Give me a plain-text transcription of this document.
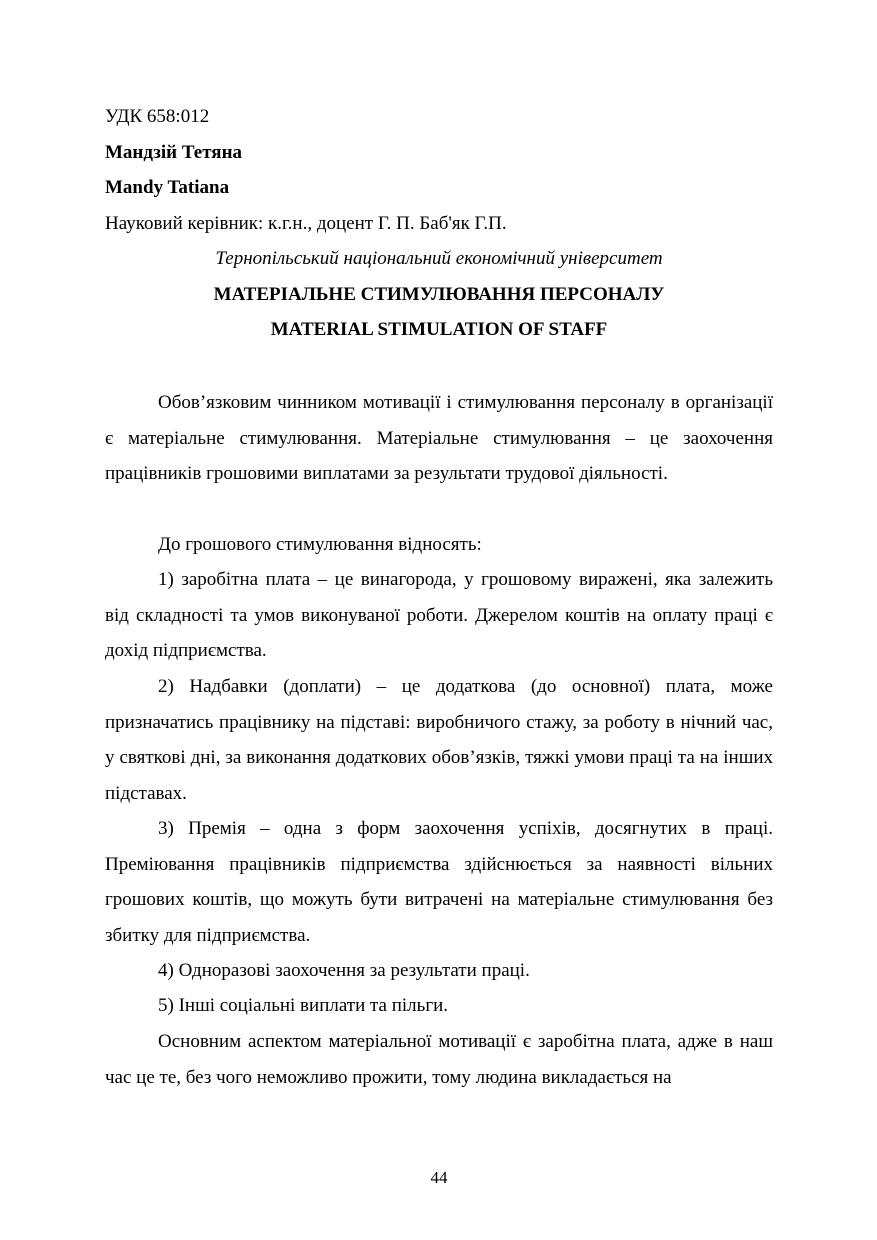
УДК 658:012
Мандзій Тетяна
Mandy Tatiana
Науковий керівник: к.г.н., доцент Г. П. Баб'як Г.П.
Тернопільський національний економічний університет
МАТЕРІАЛЬНЕ СТИМУЛЮВАННЯ ПЕРСОНАЛУ
MATERIAL STIMULATION OF STAFF
Обов’язковим чинником мотивації і стимулювання персоналу в організації є матеріальне стимулювання. Матеріальне стимулювання – це заохочення працівників грошовими виплатами за результати трудової діяльності.
До грошового стимулювання відносять:
1) заробітна плата – це винагорода, у грошовому виражені, яка залежить від складності та умов виконуваної роботи. Джерелом коштів на оплату праці є дохід підприємства.
2) Надбавки (доплати) – це додаткова (до основної) плата, може призначатись працівнику на підставі: виробничого стажу, за роботу в нічний час, у святкові дні, за виконання додаткових обов’язків, тяжкі умови праці та на інших підставах.
3) Премія – одна з форм заохочення успіхів, досягнутих в праці. Преміювання працівників підприємства здійснюється за наявності вільних грошових коштів, що можуть бути витрачені на матеріальне стимулювання без збитку для підприємства.
4) Одноразові заохочення за результати праці.
5) Інші соціальні виплати та пільги.
Основним аспектом матеріальної мотивації є заробітна плата, адже в наш час це те, без чого неможливо прожити, тому людина викладається на
44
